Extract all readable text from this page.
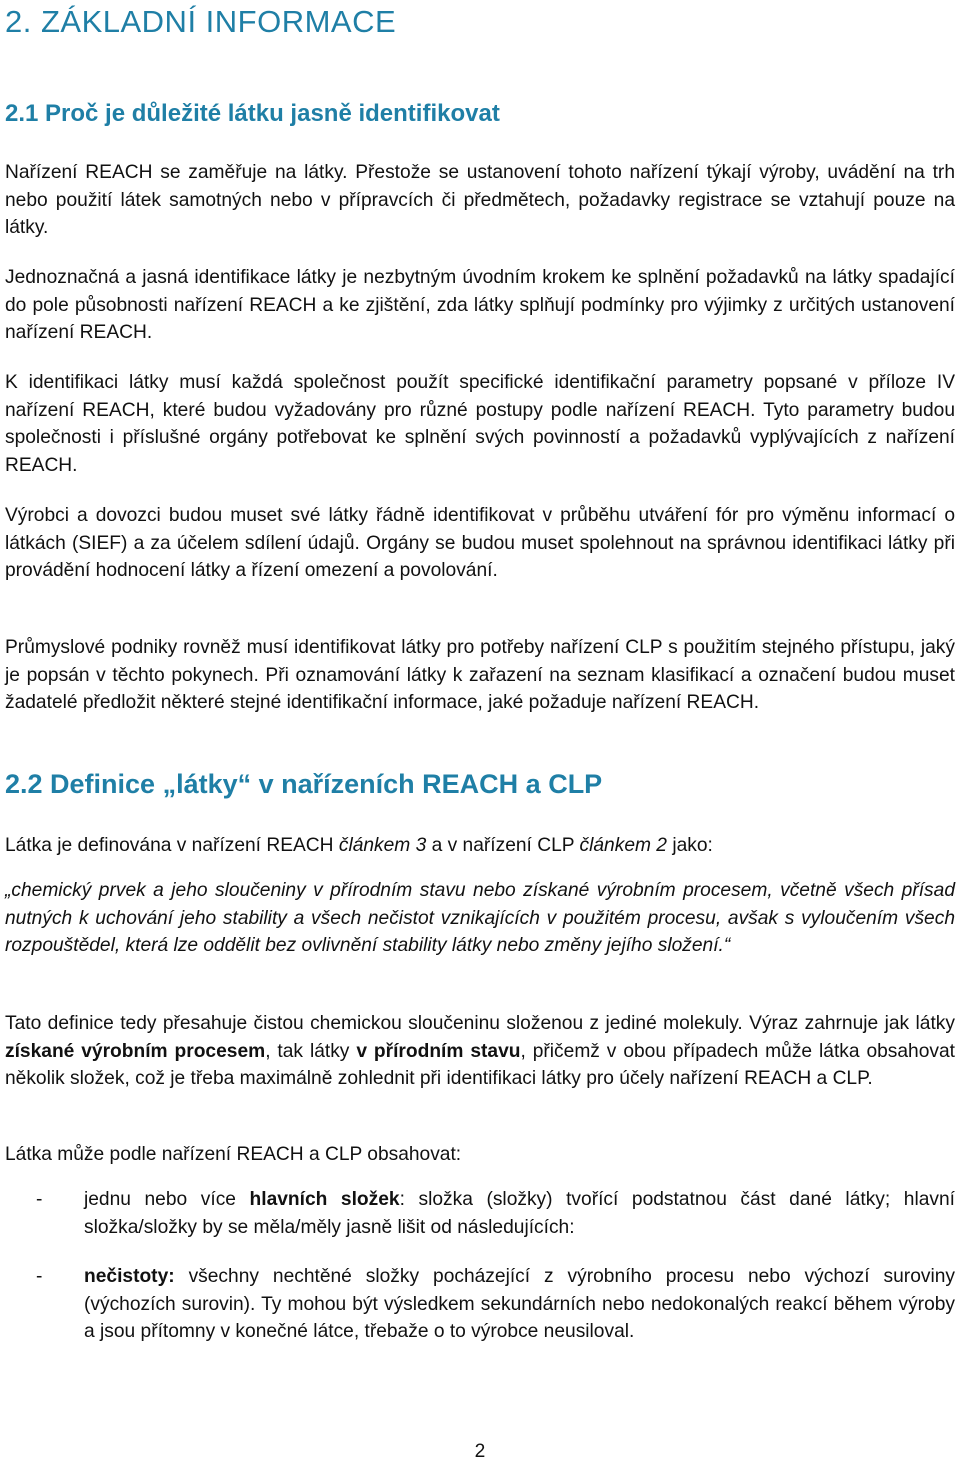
2. ZÁKLADNÍ INFORMACE
2.1 Proč je důležité látku jasně identifikovat

Nařízení REACH se zaměřuje na látky. Přestože se ustanovení tohoto nařízení týkají výroby, uvádění na trh nebo použití látek samotných nebo v přípravcích či předmětech, požadavky registrace se vztahují pouze na látky.

Jednoznačná a jasná identifikace látky je nezbytným úvodním krokem ke splnění požadavků na látky spadající do pole působnosti nařízení REACH a ke zjištění, zda látky splňují podmínky pro výjimky z určitých ustanovení nařízení REACH.

K identifikaci látky musí každá společnost použít specifické identifikační parametry popsané v příloze IV nařízení REACH, které budou vyžadovány pro různé postupy podle nařízení REACH. Tyto parametry budou společnosti i příslušné orgány potřebovat ke splnění svých povinností a požadavků vyplývajících z nařízení REACH.

Výrobci a dovozci budou muset své látky řádně identifikovat v průběhu utváření fór pro výměnu informací o látkách (SIEF) a za účelem sdílení údajů. Orgány se budou muset spolehnout na správnou identifikaci látky při provádění hodnocení látky a řízení omezení a povolování.

Průmyslové podniky rovněž musí identifikovat látky pro potřeby nařízení CLP s použitím stejného přístupu, jaký je popsán v těchto pokynech. Při oznamování látky k zařazení na seznam klasifikací a označení budou muset žadatelé předložit některé stejné identifikační informace, jaké požaduje nařízení REACH.

2.2 Definice „látky“ v nařízeních REACH a CLP

Látka je definována v nařízení REACH článkem 3 a v nařízení CLP článkem 2 jako:

„chemický prvek a jeho sloučeniny v přírodním stavu nebo získané výrobním procesem, včetně všech přísad nutných k uchování jeho stability a všech nečistot vznikajících v použitém procesu, avšak s vyloučením všech rozpouštědel, která lze oddělit bez ovlivnění stability látky nebo změny jejího složení.“

Tato definice tedy přesahuje čistou chemickou sloučeninu složenou z jediné molekuly. Výraz zahrnuje jak látky získané výrobním procesem, tak látky v přírodním stavu, přičemž v obou případech může látka obsahovat několik složek, což je třeba maximálně zohlednit při identifikaci látky pro účely nařízení REACH a CLP.

Látka může podle nařízení REACH a CLP obsahovat:

- jednu nebo více hlavních složek: složka (složky) tvořící podstatnou část dané látky; hlavní složka/složky by se měla/měly jasně lišit od následujících:
- nečistoty: všechny nechtěné složky pocházející z výrobního procesu nebo výchozí suroviny (výchozích surovin). Ty mohou být výsledkem sekundárních nebo nedokonalých reakcí během výroby a jsou přítomny v konečné látce, třebaže o to výrobce neusiloval.
2
